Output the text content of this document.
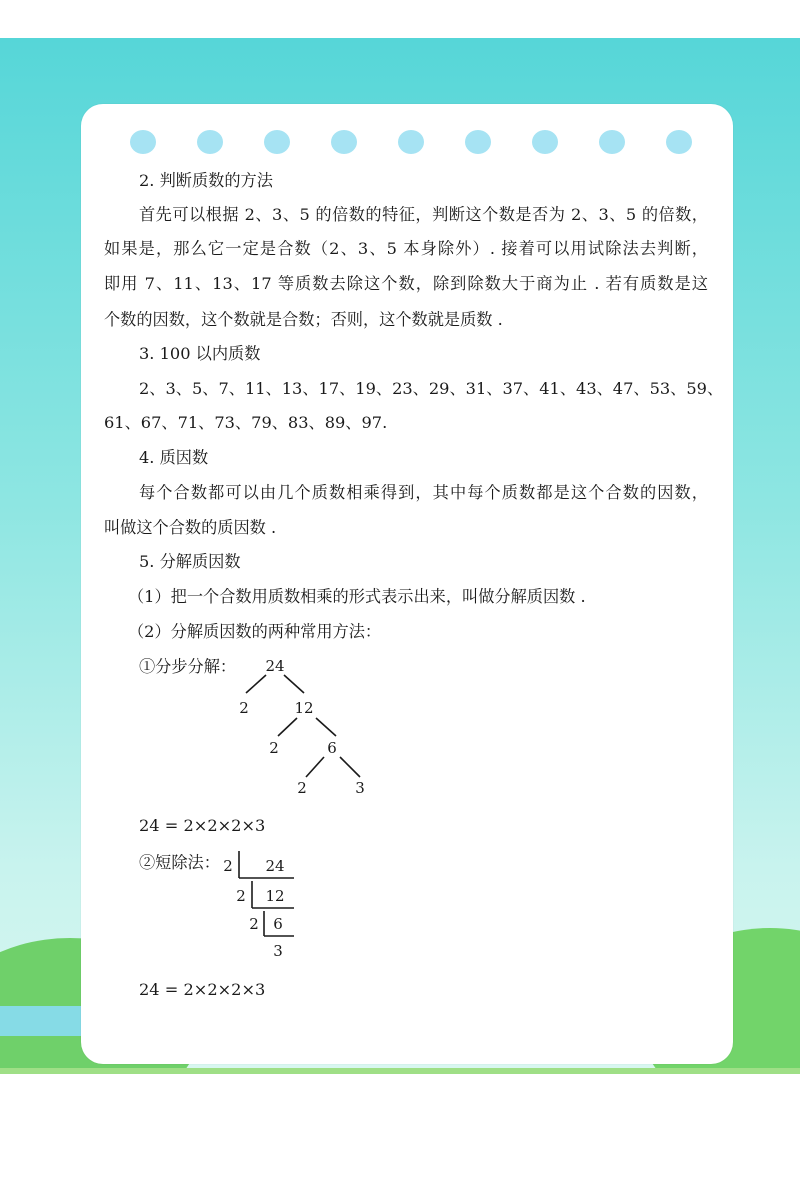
2. 判断质数的方法
首先可以根据 2、3、5 的倍数的特征，判断这个数是否为 2、3、5 的倍数，
如果是，那么它一定是合数（2、3、5 本身除外）. 接着可以用试除法去判断，
即用 7、11、13、17 等质数去除这个数，除到除数大于商为止 . 若有质数是这
个数的因数，这个数就是合数；否则，这个数就是质数 .
3. 100 以内质数
2、3、5、7、11、13、17、19、23、29、31、37、41、43、47、53、59、
61、67、71、73、79、83、89、97.
4. 质因数
每个合数都可以由几个质数相乘得到，其中每个质数都是这个合数的因数，
叫做这个合数的质因数 .
5. 分解质因数
（1）把一个合数用质数相乘的形式表示出来，叫做分解质因数 .
（2）分解质因数的两种常用方法：
①分步分解： 24
2	12
2	6
2	3
24 = 2×2×2×3
②短除法： 2 24
2 12
2 6
3
24 = 2×2×2×3
